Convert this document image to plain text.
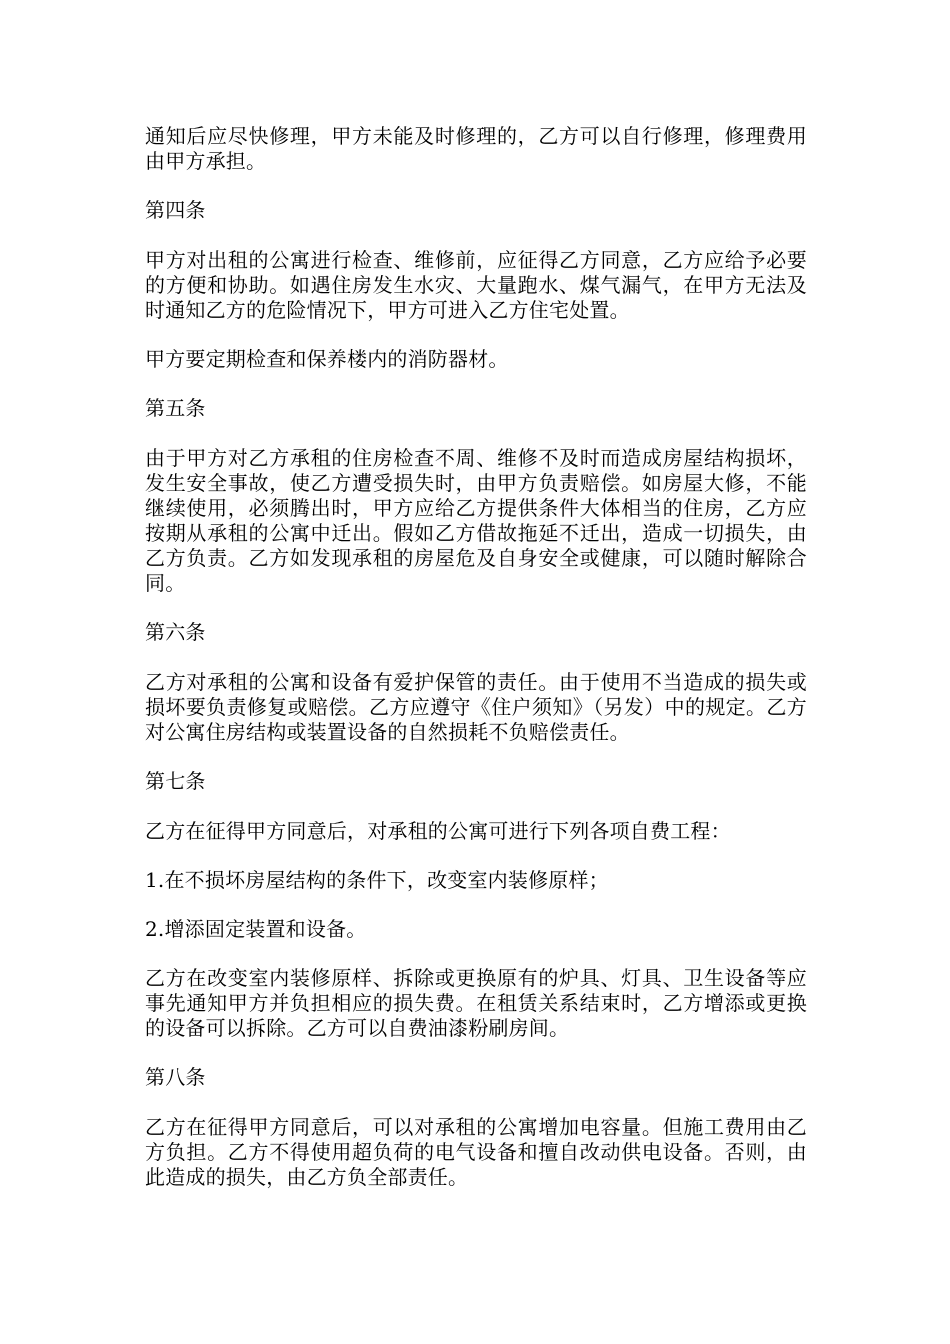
通知后应尽快修理，甲方未能及时修理的，乙方可以自行修理，修理费用由甲方承担。

第四条

甲方对出租的公寓进行检查、维修前，应征得乙方同意，乙方应给予必要的方便和协助。如遇住房发生水灾、大量跑水、煤气漏气，在甲方无法及时通知乙方的危险情况下，甲方可进入乙方住宅处置。

甲方要定期检查和保养楼内的消防器材。

第五条

由于甲方对乙方承租的住房检查不周、维修不及时而造成房屋结构损坏，发生安全事故，使乙方遭受损失时，由甲方负责赔偿。如房屋大修，不能继续使用，必须腾出时，甲方应给乙方提供条件大体相当的住房，乙方应按期从承租的公寓中迁出。假如乙方借故拖延不迁出，造成一切损失，由乙方负责。乙方如发现承租的房屋危及自身安全或健康，可以随时解除合同。

第六条

乙方对承租的公寓和设备有爱护保管的责任。由于使用不当造成的损失或损坏要负责修复或赔偿。乙方应遵守《住户须知》（另发）中的规定。乙方对公寓住房结构或装置设备的自然损耗不负赔偿责任。

第七条

乙方在征得甲方同意后，对承租的公寓可进行下列各项自费工程：

1.在不损坏房屋结构的条件下，改变室内装修原样；

2.增添固定装置和设备。

乙方在改变室内装修原样、拆除或更换原有的炉具、灯具、卫生设备等应事先通知甲方并负担相应的损失费。在租赁关系结束时，乙方增添或更换的设备可以拆除。乙方可以自费油漆粉刷房间。

第八条

乙方在征得甲方同意后，可以对承租的公寓增加电容量。但施工费用由乙方负担。乙方不得使用超负荷的电气设备和擅自改动供电设备。否则，由此造成的损失，由乙方负全部责任。
